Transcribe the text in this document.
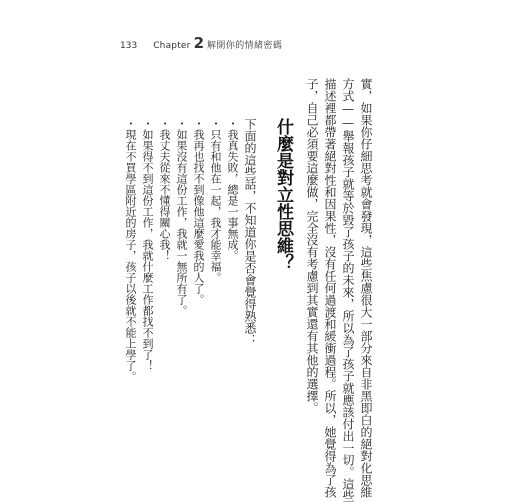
133 Chapter 2 解開你的情緒密碼
實，如果你仔細思考就會發現，這些焦慮很大一部分來自非黑即白的絕對化思維
方式——舉報孩子就等於毀了孩子的未來，所以為了孩子就應該付出一切。這些
描述裡都帶著絕對性和因果性，沒有任何過渡和緩衝過程。所以，她覺得為了孩
子，自己必須要這麼做，完全沒有考慮到其實還有其他的選擇。
什麼是對立性思維？
下面的這些話，不知道你是否會覺得熟悉：
・我真失敗，總是一事無成。
・只有和他在一起，我才能幸福。
・我再也找不到像他這麼愛我的人了。
・如果沒有這份工作，我就一無所有了。
・我丈夫從來不懂得關心我！
・如果得不到這份工作，我就什麼工作都找不到了！
・現在不買學區附近的房子，孩子以後就不能上學了。
